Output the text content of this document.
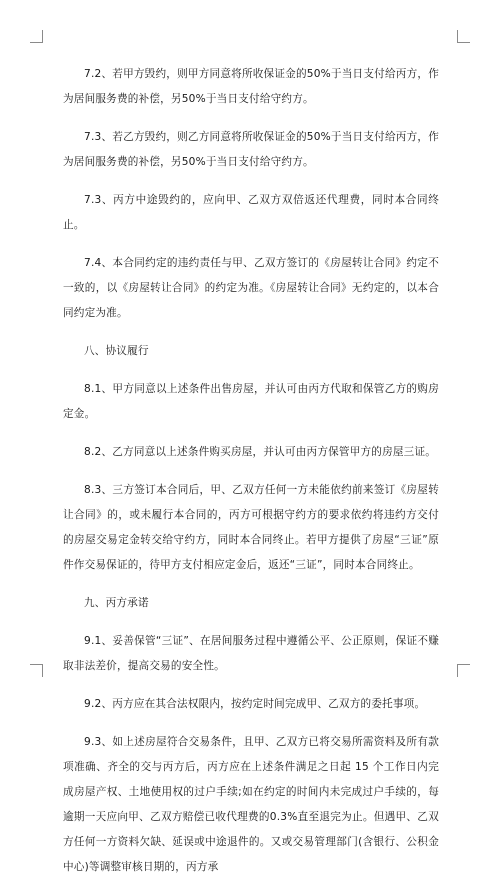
7.2、若甲方毁约，则甲方同意将所收保证金的50%于当日支付给丙方，作为居间服务费的补偿，另50%于当日支付给守约方。

7.3、若乙方毁约，则乙方同意将所收保证金的50%于当日支付给丙方，作为居间服务费的补偿，另50%于当日支付给守约方。

7.3、丙方中途毁约的，应向甲、乙双方双倍返还代理费，同时本合同终止。

7.4、本合同约定的违约责任与甲、乙双方签订的《房屋转让合同》约定不一致的，以《房屋转让合同》的约定为准。《房屋转让合同》无约定的，以本合同约定为准。

八、协议履行

8.1、甲方同意以上述条件出售房屋，并认可由丙方代取和保管乙方的购房定金。

8.2、乙方同意以上述条件购买房屋，并认可由丙方保管甲方的房屋三证。

8.3、三方签订本合同后，甲、乙双方任何一方未能依约前来签订《房屋转让合同》的，或未履行本合同的，丙方可根据守约方的要求依约将违约方交付的房屋交易定金转交给守约方，同时本合同终止。若甲方提供了房屋“三证”原件作交易保证的，待甲方支付相应定金后，返还“三证”，同时本合同终止。

九、丙方承诺

9.1、妥善保管“三证”、在居间服务过程中遵循公平、公正原则，保证不赚取非法差价，提高交易的安全性。

9.2、丙方应在其合法权限内，按约定时间完成甲、乙双方的委托事项。

9.3、如上述房屋符合交易条件，且甲、乙双方已将交易所需资料及所有款项准确、齐全的交与丙方后，丙方应在上述条件满足之日起 15 个工作日内完成房屋产权、土地使用权的过户手续;如在约定的时间内未完成过户手续的，每逾期一天应向甲、乙双方赔偿已收代理费的0.3%直至退完为止。但遇甲、乙双方任何一方资料欠缺、延误或中途退件的。又或交易管理部门(含银行、公积金中心)等调整审核日期的，丙方承
